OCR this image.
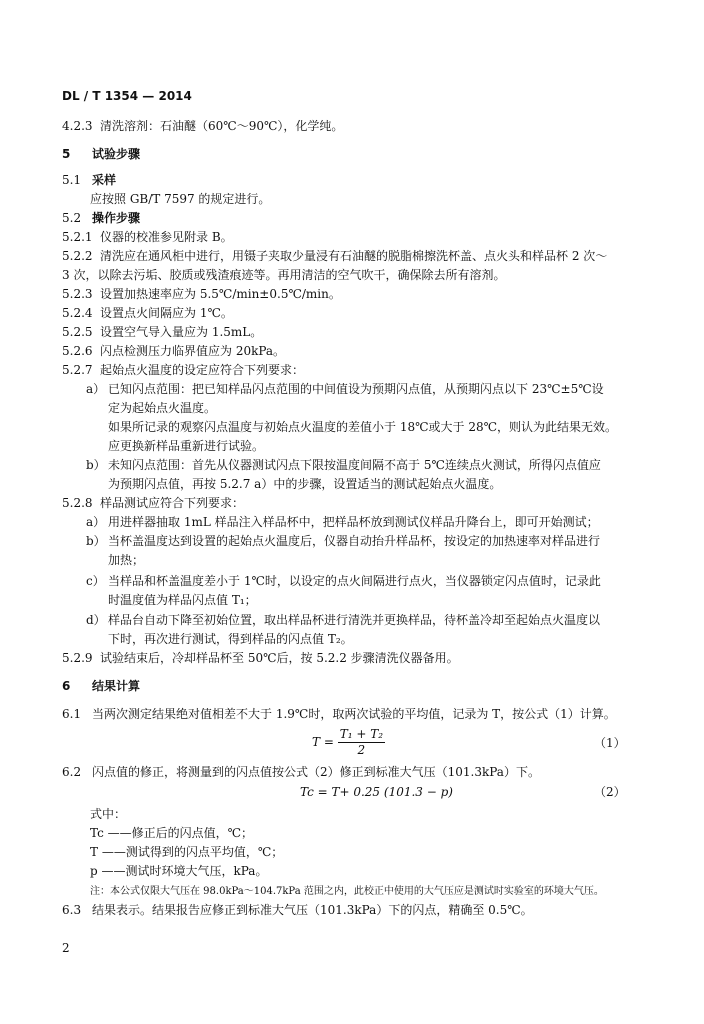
DL / T 1354 — 2014
4.2.3 清洗溶剂：石油醚（60℃～90℃），化学纯。
5 试验步骤
5.1 采样
应按照 GB/T 7597 的规定进行。
5.2 操作步骤
5.2.1 仪器的校准参见附录 B。
5.2.2 清洗应在通风柜中进行，用镊子夹取少量浸有石油醚的脱脂棉擦洗杯盖、点火头和样品杯 2 次～
3 次，以除去污垢、胶质或残渣痕迹等。再用清洁的空气吹干，确保除去所有溶剂。
5.2.3 设置加热速率应为 5.5℃/min±0.5℃/min。
5.2.4 设置点火间隔应为 1℃。
5.2.5 设置空气导入量应为 1.5mL。
5.2.6 闪点检测压力临界值应为 20kPa。
5.2.7 起始点火温度的设定应符合下列要求：
a） 已知闪点范围：把已知样品闪点范围的中间值设为预期闪点值，从预期闪点以下 23℃±5℃设
定为起始点火温度。
如果所记录的观察闪点温度与初始点火温度的差值小于 18℃或大于 28℃，则认为此结果无效。
应更换新样品重新进行试验。
b） 未知闪点范围：首先从仪器测试闪点下限按温度间隔不高于 5℃连续点火测试，所得闪点值应
为预期闪点值，再按 5.2.7 a）中的步骤，设置适当的测试起始点火温度。
5.2.8 样品测试应符合下列要求：
a） 用进样器抽取 1mL 样品注入样品杯中，把样品杯放到测试仪样品升降台上，即可开始测试；
b） 当杯盖温度达到设置的起始点火温度后，仪器自动抬升样品杯，按设定的加热速率对样品进行
加热；
c） 当样品和杯盖温度差小于 1℃时，以设定的点火间隔进行点火，当仪器锁定闪点值时，记录此
时温度值为样品闪点值 T₁；
d） 样品台自动下降至初始位置，取出样品杯进行清洗并更换样品，待杯盖冷却至起始点火温度以
下时，再次进行测试，得到样品的闪点值 T₂。
5.2.9 试验结束后，冷却样品杯至 50℃后，按 5.2.2 步骤清洗仪器备用。
6 结果计算
6.1 当两次测定结果绝对值相差不大于 1.9℃时，取两次试验的平均值，记录为 T，按公式（1）计算。
$T = \frac{\text{T₁ + T₂}}{2}$	（1）
6.2 闪点值的修正，将测量到的闪点值按公式（2）修正到标准大气压（101.3kPa）下。
Tc = T+ 0.25 (101.3 − p)	（2）
式中：
Tc ——修正后的闪点值，℃；
T ——测试得到的闪点平均值，℃；
p ——测试时环境大气压，kPa。
注：本公式仅限大气压在 98.0kPa～104.7kPa 范围之内，此校正中使用的大气压应是测试时实验室的环境大气压。
6.3 结果表示。结果报告应修正到标准大气压（101.3kPa）下的闪点，精确至 0.5℃。
2
